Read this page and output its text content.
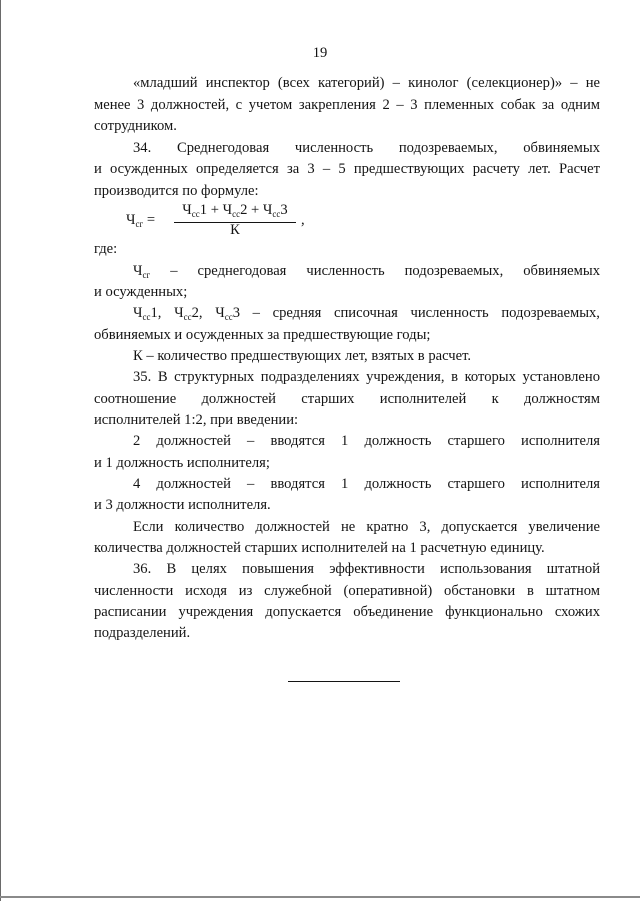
19
«младший инспектор (всех категорий) – кинолог (селекционер)» – не
менее 3 должностей, с учетом закрепления 2 – 3 племенных собак за одним
сотрудником.
34. Среднегодовая численность подозреваемых, обвиняемых
и осужденных определяется за 3 – 5 предшествующих расчету лет. Расчет
производится по формуле:
$Ч_{сг}$ =
$Ч_{сс}1 + Ч_{сс}2 + Ч_{сс}3$
К
,
где:
$Ч_{сг}$ – среднегодовая численность подозреваемых, обвиняемых
и осужденных;
$Ч_{сс}1$, $Ч_{сс}2$, $Ч_{сс}3$ – средняя списочная численность подозреваемых,
обвиняемых и осужденных за предшествующие годы;
К – количество предшествующих лет, взятых в расчет.
35. В структурных подразделениях учреждения, в которых установлено
соотношение должностей старших исполнителей к должностям
исполнителей 1:2, при введении:
2 должностей – вводятся 1 должность старшего исполнителя
и 1 должность исполнителя;
4 должностей – вводятся 1 должность старшего исполнителя
и 3 должности исполнителя.
Если количество должностей не кратно 3, допускается увеличение
количества должностей старших исполнителей на 1 расчетную единицу.
36. В целях повышения эффективности использования штатной
численности исходя из служебной (оперативной) обстановки в штатном
расписании учреждения допускается объединение функционально схожих
подразделений.
